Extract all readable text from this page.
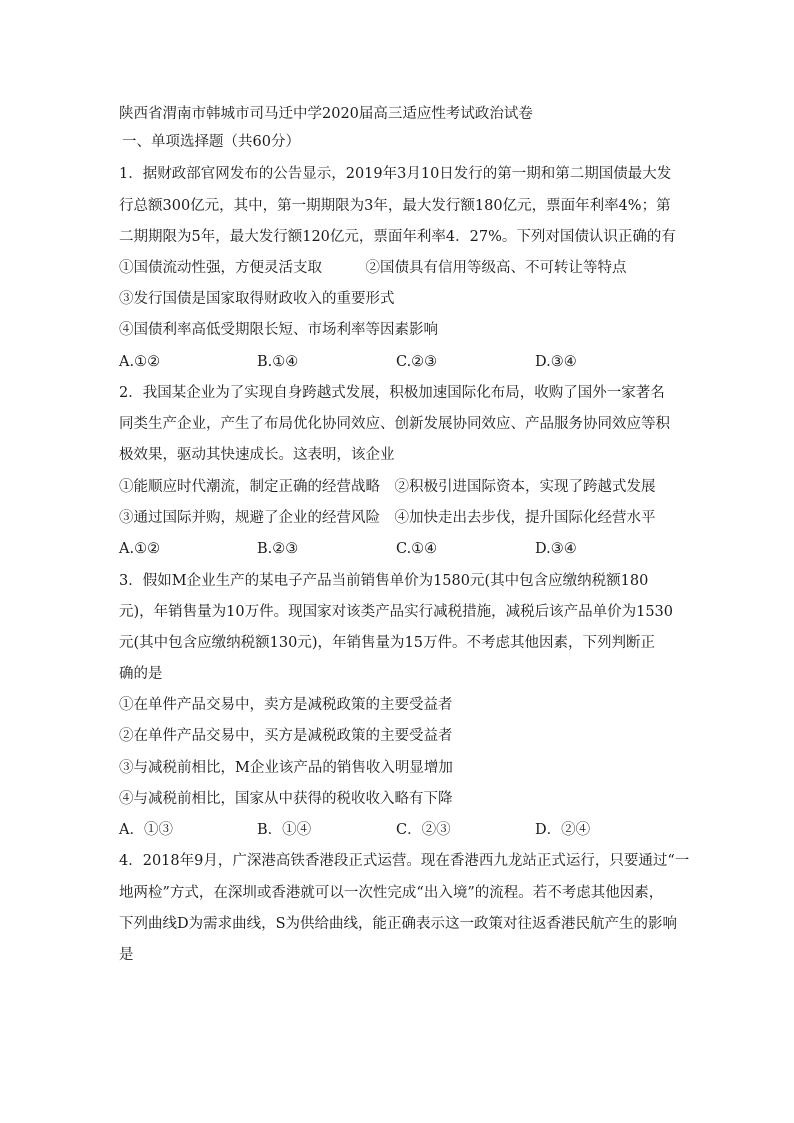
陕西省渭南市韩城市司马迁中学2020届高三适应性考试政治试卷
一、单项选择题（共60分）
1．据财政部官网发布的公告显示，2019年3月10日发行的第一期和第二期国债最大发
行总额300亿元，其中，第一期期限为3年，最大发行额180亿元，票面年利率4%；第
二期期限为5年，最大发行额120亿元，票面年利率4．27%。下列对国债认识正确的有
①国债流动性强，方便灵活支取　　　②国债具有信用等级高、不可转让等特点
③发行国债是国家取得财政收入的重要形式
④国债利率高低受期限长短、市场利率等因素影响
A.①②	B.①④	C.②③	D.③④
2．我国某企业为了实现自身跨越式发展，积极加速国际化布局，收购了国外一家著名
同类生产企业，产生了布局优化协同效应、创新发展协同效应、产品服务协同效应等积
极效果，驱动其快速成长。这表明，该企业
①能顺应时代潮流，制定正确的经营战略　②积极引进国际资本，实现了跨越式发展
③通过国际并购，规避了企业的经营风险　④加快走出去步伐，提升国际化经营水平
A.①②	B.②③	C.①④	D.③④
3．假如M企业生产的某电子产品当前销售单价为1580元(其中包含应缴纳税额180
元)，年销售量为10万件。现国家对该类产品实行减税措施，减税后该产品单价为1530
元(其中包含应缴纳税额130元)，年销售量为15万件。不考虑其他因素，下列判断正
确的是
①在单件产品交易中，卖方是减税政策的主要受益者
②在单件产品交易中，买方是减税政策的主要受益者
③与减税前相比，M企业该产品的销售收入明显增加
④与减税前相比，国家从中获得的税收收入略有下降
A．①③	B．①④	C．②③	D．②④
4．2018年9月，广深港高铁香港段正式运营。现在香港西九龙站正式运行，只要通过“一
地两检”方式，在深圳或香港就可以一次性完成“出入境”的流程。若不考虑其他因素，
下列曲线D为需求曲线，S为供给曲线，能正确表示这一政策对往返香港民航产生的影响
是
